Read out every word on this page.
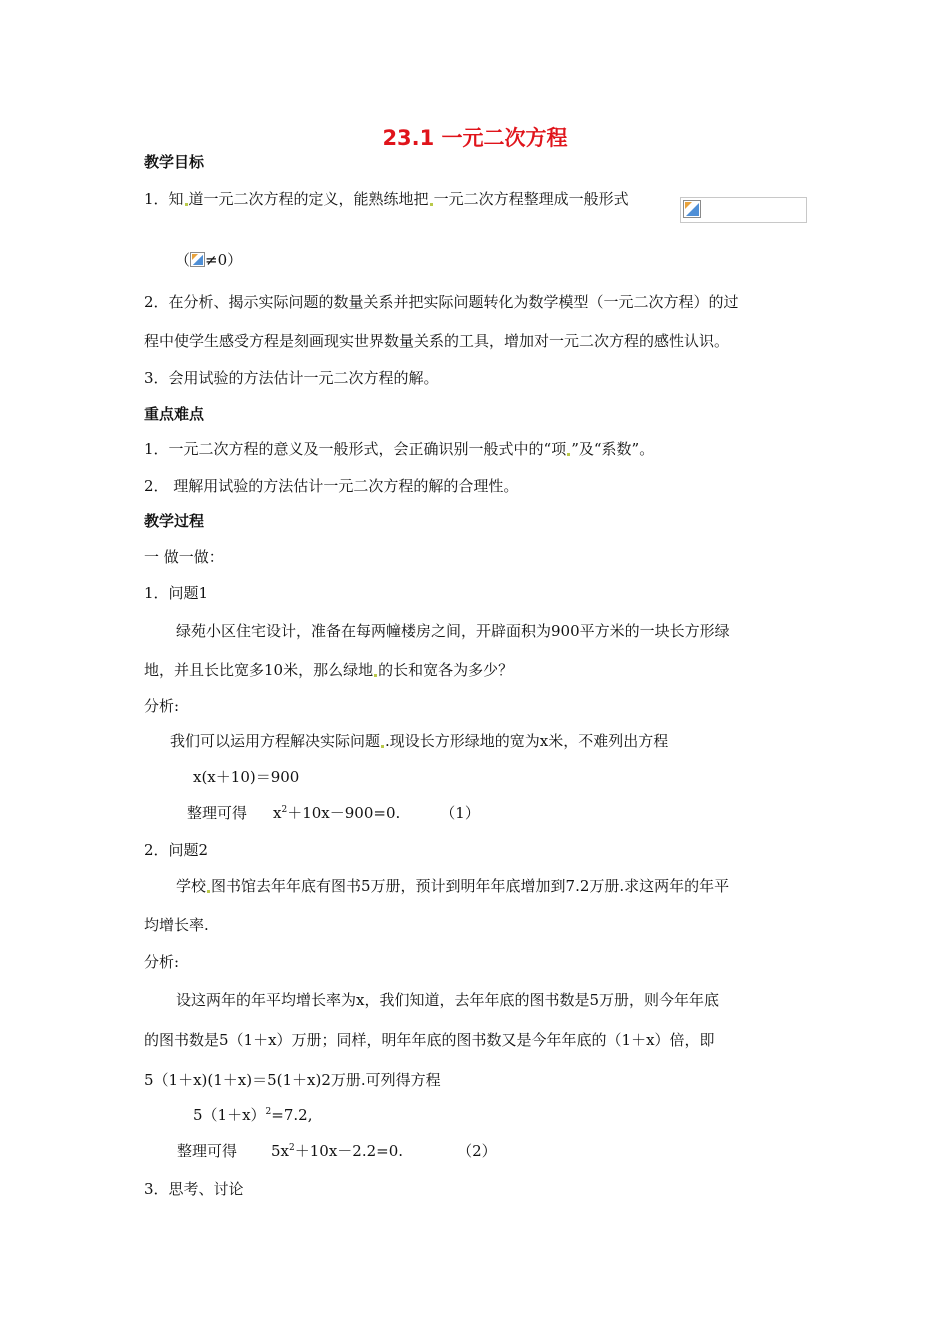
23.1 一元二次方程
教学目标
1．知 道一元二次方程的定义，能熟练地把 一元二次方程整理成一般形式
（ ≠0）
2．在分析、揭示实际问题的数量关系并把实际问题转化为数学模型（一元二次方程）的过
程中使学生感受方程是刻画现实世界数量关系的工具，增加对一元二次方程的感性认识。
3．会用试验的方法估计一元二次方程的解。
重点难点
1．一元二次方程的意义及一般形式，会正确识别一般式中的“项 ”及“系数”。
2． 理解用试验的方法估计一元二次方程的解的合理性。
教学过程
一 做一做：
1．问题1
绿苑小区住宅设计，准备在每两幢楼房之间，开辟面积为900平方米的一块长方形绿
地，并且长比宽多10米，那么绿地 的长和宽各为多少？
分析:
我们可以运用方程解决实际问题 .现设长方形绿地的宽为x米，不难列出方程
x(x＋10)＝900
整理可得 $x^2+10x-900=0$.	（1）
2．问题2
学校 图书馆去年年底有图书5万册，预计到明年年底增加到7.2万册.求这两年的年平
均增长率.
分析:
设这两年的年平均增长率为x，我们知道，去年年底的图书数是5万册，则今年年底
的图书数是5（1＋x）万册；同样，明年年底的图书数又是今年年底的（1＋x）倍，即
5（1＋x)(1＋x)＝5(1＋x)2万册.可列得方程
$5(1+x)^2=7.2$,
整理可得 $5x^2+10x-2.2=0$.	（2）
3．思考、讨论
